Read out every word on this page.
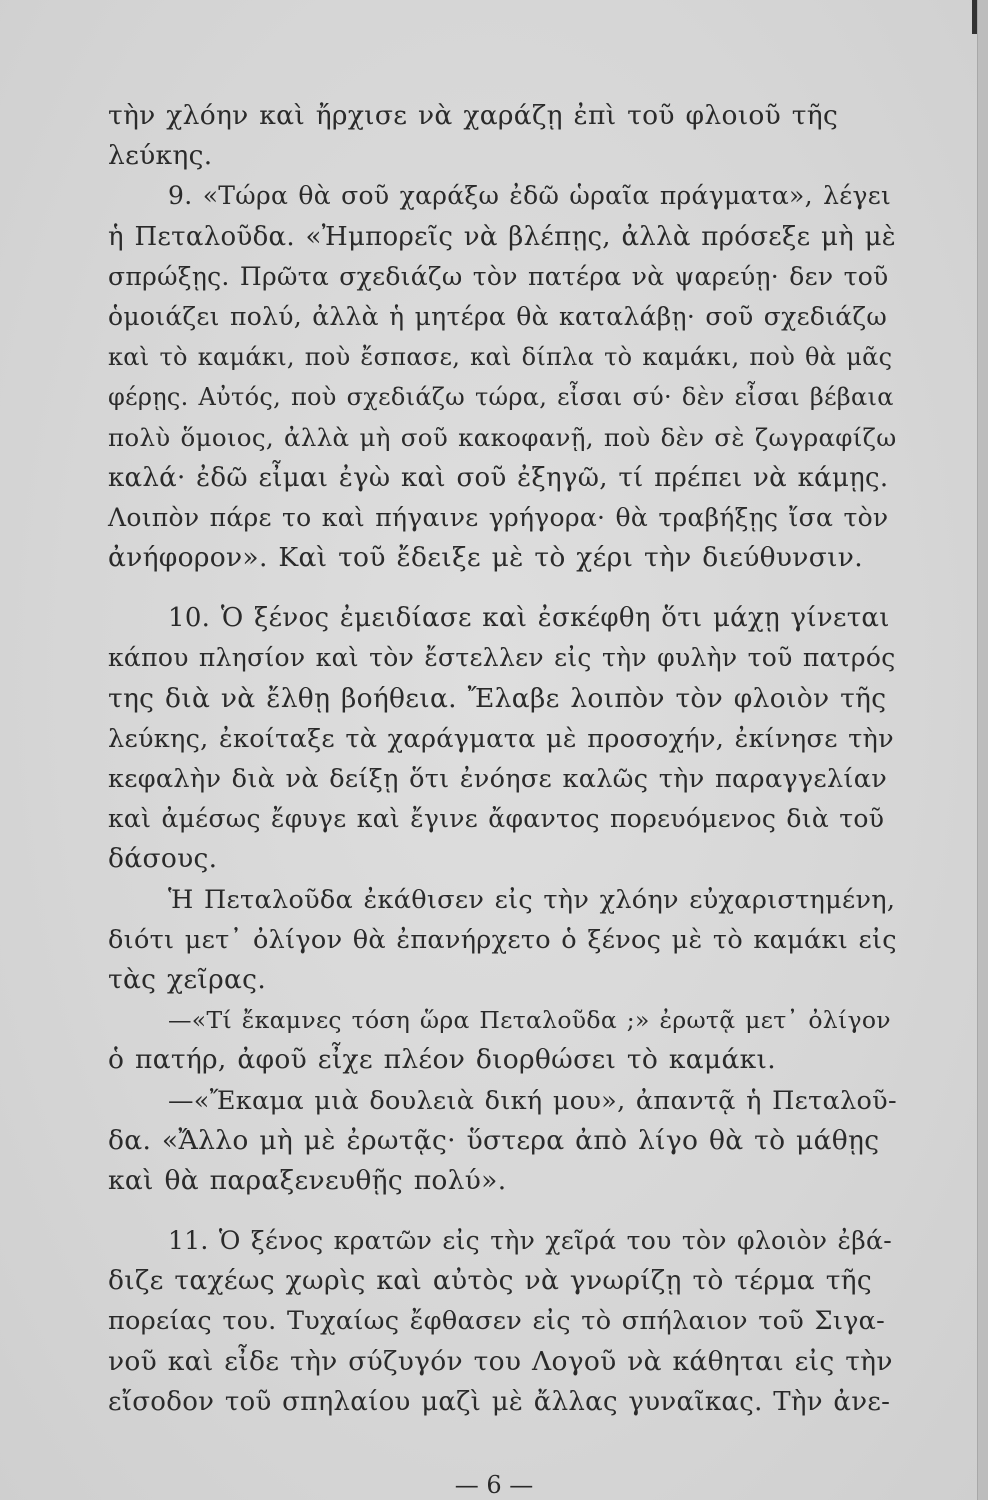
τὴν χλόην καὶ ἤρχισε νὰ χαράζῃ ἐπὶ τοῦ φλοιοῦ τῆς
λεύκης.
9. «Τώρα θὰ σοῦ χαράξω ἐδῶ ὡραῖα πράγματα», λέγει
ἡ Πεταλοῦδα. «Ἠμπορεῖς νὰ βλέπῃς, ἀλλὰ πρόσεξε μὴ μὲ
σπρώξῃς. Πρῶτα σχεδιάζω τὸν πατέρα νὰ ψαρεύῃ· δεν τοῦ
ὁμοιάζει πολύ, ἀλλὰ ἡ μητέρα θὰ καταλάβῃ· σοῦ σχεδιάζω
καὶ τὸ καμάκι, ποὺ ἔσπασε, καὶ δίπλα τὸ καμάκι, ποὺ θὰ μᾶς
φέρῃς. Αὐτός, ποὺ σχεδιάζω τώρα, εἶσαι σύ· δὲν εἶσαι βέβαια
πολὺ ὅμοιος, ἀλλὰ μὴ σοῦ κακοφανῇ, ποὺ δὲν σὲ ζωγραφίζω
καλά· ἐδῶ εἶμαι ἐγὼ καὶ σοῦ ἐξηγῶ, τί πρέπει νὰ κάμῃς.
Λοιπὸν πάρε το καὶ πήγαινε γρήγορα· θὰ τραβήξῃς ἴσα τὸν
ἀνήφορον». Καὶ τοῦ ἔδειξε μὲ τὸ χέρι τὴν διεύθυνσιν.
10. Ὁ ξένος ἐμειδίασε καὶ ἐσκέφθη ὅτι μάχῃ γίνεται
κάπου πλησίον καὶ τὸν ἔστελλεν εἰς τὴν φυλὴν τοῦ πατρός
της διὰ νὰ ἔλθῃ βοήθεια. Ἔλαβε λοιπὸν τὸν φλοιὸν τῆς
λεύκης, ἐκοίταξε τὰ χαράγματα μὲ προσοχήν, ἐκίνησε τὴν
κεφαλὴν διὰ νὰ δείξῃ ὅτι ἐνόησε καλῶς τὴν παραγγελίαν
καὶ ἀμέσως ἔφυγε καὶ ἔγινε ἄφαντος πορευόμενος διὰ τοῦ
δάσους.
Ἡ Πεταλοῦδα ἐκάθισεν εἰς τὴν χλόην εὐχαριστημένη,
διότι μετ᾽ ὀλίγον θὰ ἐπανήρχετο ὁ ξένος μὲ τὸ καμάκι εἰς
τὰς χεῖρας.
—«Τί ἔκαμνες τόση ὥρα Πεταλοῦδα ;» ἐρωτᾷ μετ᾽ ὀλίγον
ὁ πατήρ, ἀφοῦ εἶχε πλέον διορθώσει τὸ καμάκι.
—«Ἔκαμα μιὰ δουλειὰ δική μου», ἀπαντᾷ ἡ Πεταλοῦ-
δα. «Ἄλλο μὴ μὲ ἐρωτᾷς· ὕστερα ἀπὸ λίγο θὰ τὸ μάθῃς
καὶ θὰ παραξενευθῇς πολύ».
11. Ὁ ξένος κρατῶν εἰς τὴν χεῖρά του τὸν φλοιὸν ἐβά-
διζε ταχέως χωρὶς καὶ αὐτὸς νὰ γνωρίζῃ τὸ τέρμα τῆς
πορείας του. Τυχαίως ἔφθασεν εἰς τὸ σπήλαιον τοῦ Σιγα-
νοῦ καὶ εἶδε τὴν σύζυγόν του Λογοῦ νὰ κάθηται εἰς τὴν
εἴσοδον τοῦ σπηλαίου μαζὶ μὲ ἄλλας γυναῖκας. Τὴν ἀνε-
— 6 —
